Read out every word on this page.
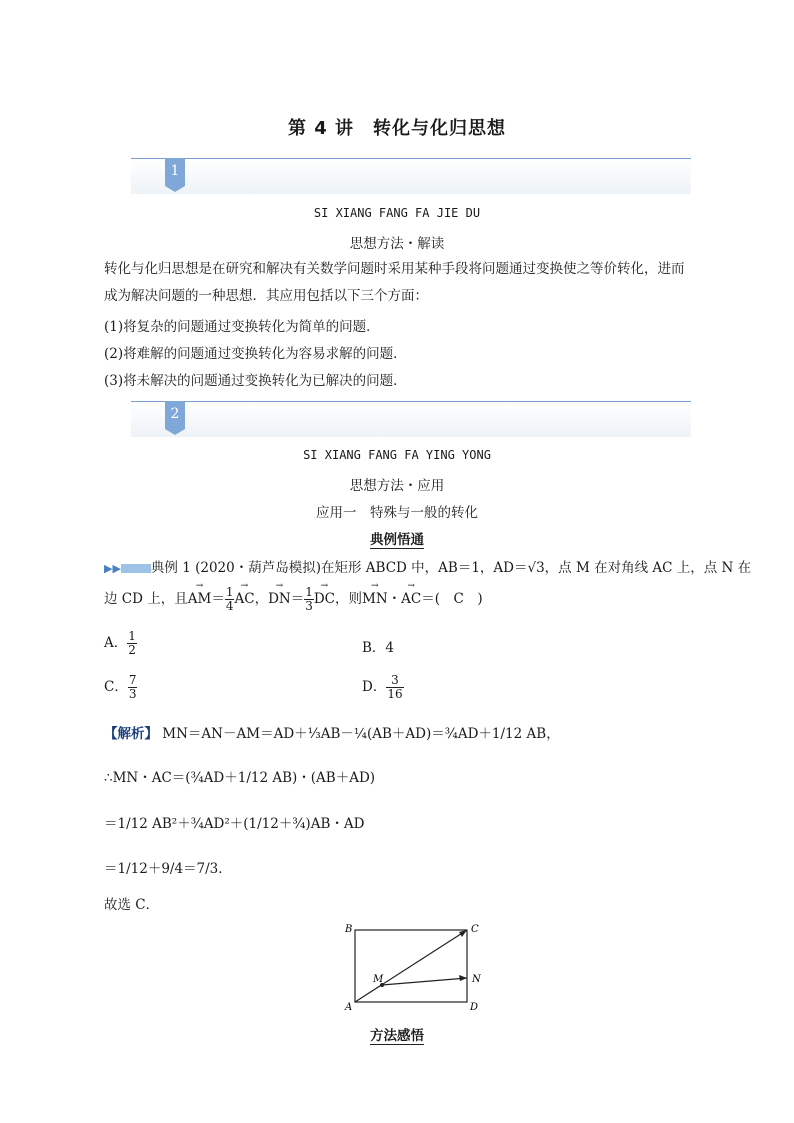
第 4 讲　转化与化归思想
1
SI XIANG FANG FA JIE DU
思想方法・解读
转化与化归思想是在研究和解决有关数学问题时采用某种手段将问题通过变换使之等价转化，进而成为解决问题的一种思想．其应用包括以下三个方面：
(1)将复杂的问题通过变换转化为简单的问题．
(2)将难解的问题通过变换转化为容易求解的问题．
(3)将未解决的问题通过变换转化为已解决的问题．
2
SI XIANG FANG FA YING YONG
思想方法・应用
应用一　特殊与一般的转化
典例悟通
▶▶ 典例 1 (2020・葫芦岛模拟)在矩形 ABCD 中，AB＝1，AD＝√3，点 M 在对角线 AC 上，点 N 在
边 CD 上，且→ $AM= \frac{1}{4}$ → AC，→ $DN= \frac{1}{3}$ → DC，则→ MN・→ AC＝(　C　)
A． $\frac{1}{2}$	B．4
C． $\frac{7}{3}$	D． $\frac{3}{16}$
【解析】 MN＝AN－AM＝AD＋⅓AB－¼(AB＋AD)＝¾AD＋1/12 AB，
∴MN・AC＝(¾AD＋1/12 AB)・(AB＋AD)
＝1/12 AB²＋¾AD²＋(1/12＋¾)AB・AD
＝1/12＋9/4＝7/3．
故选 C．
B	C
A	D
M	N
方法感悟
